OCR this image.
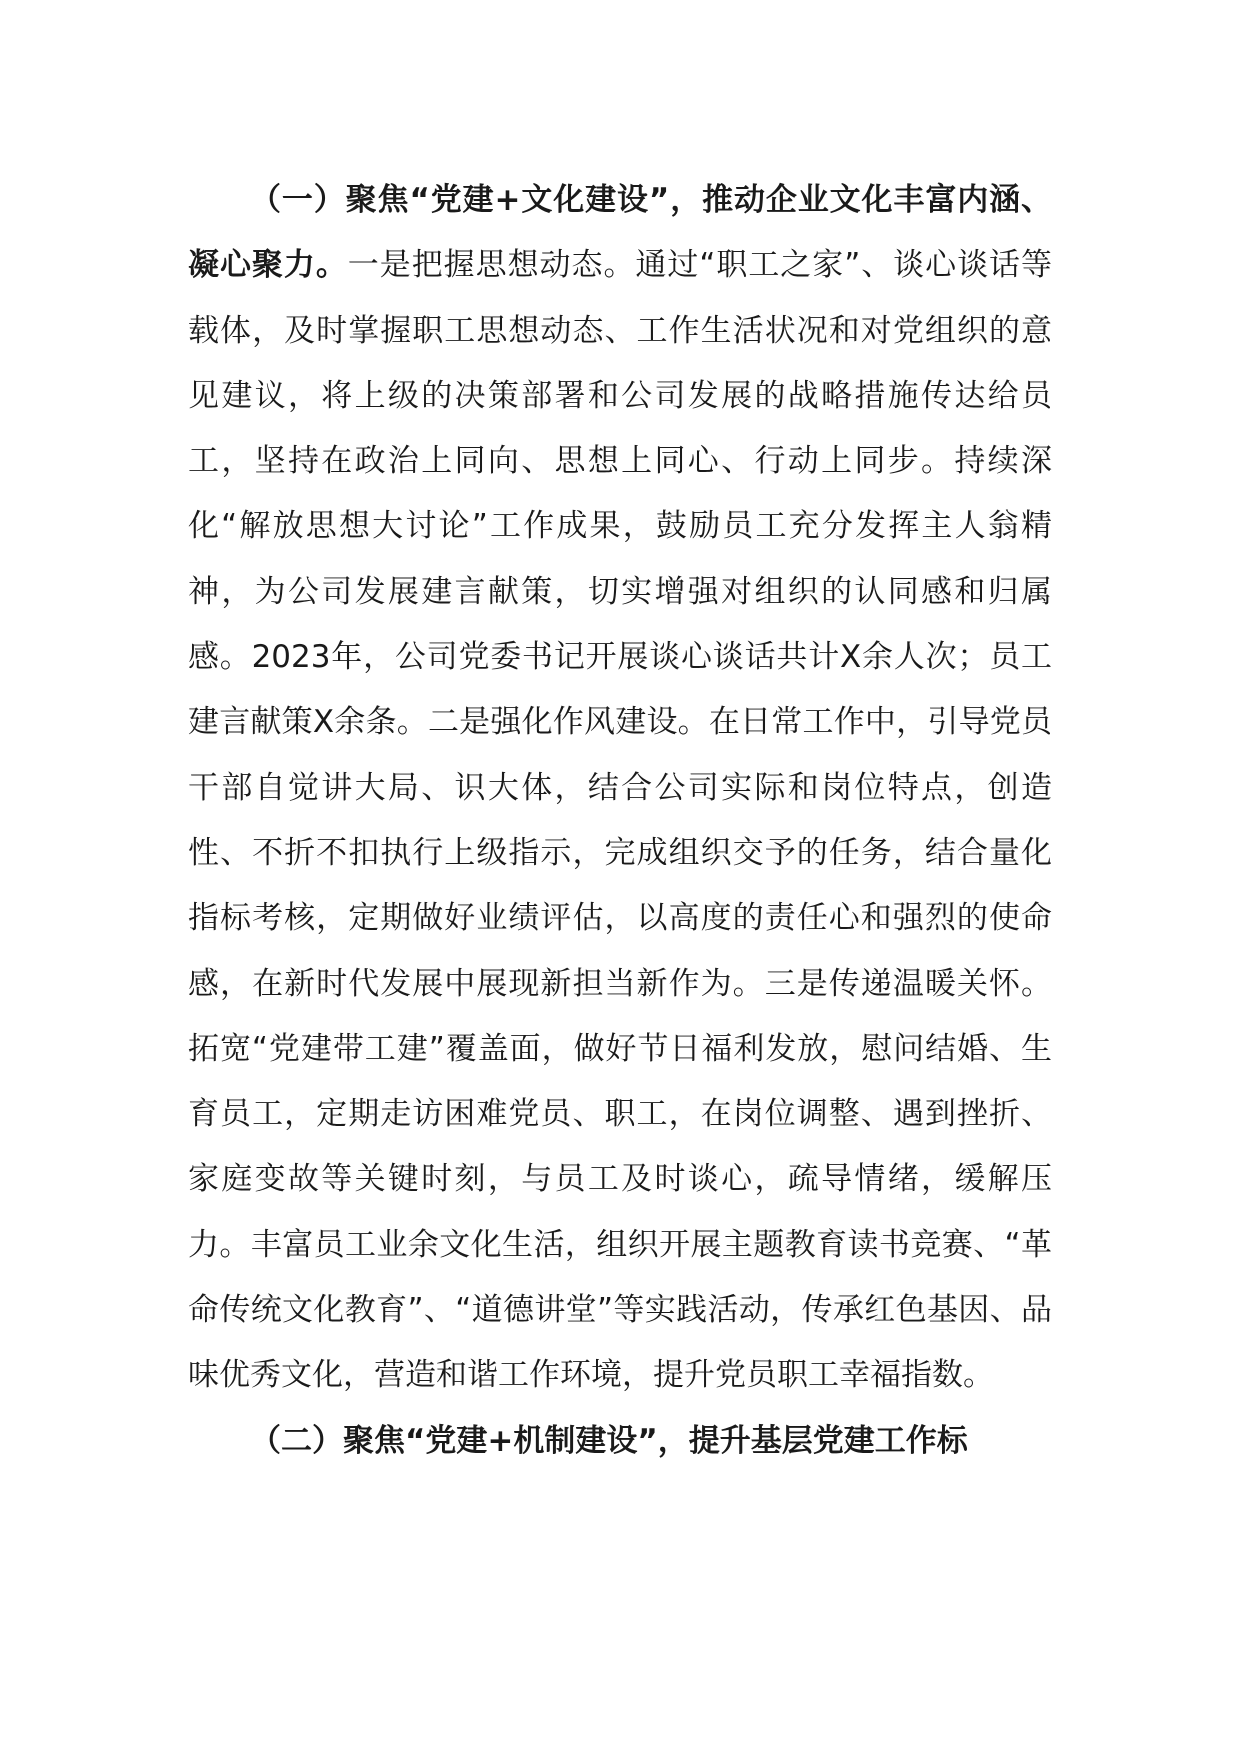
（一）聚焦“党建+文化建设”，推动企业文化丰富内涵、凝心聚力。一是把握思想动态。通过“职工之家”、谈心谈话等载体，及时掌握职工思想动态、工作生活状况和对党组织的意见建议，将上级的决策部署和公司发展的战略措施传达给员工，坚持在政治上同向、思想上同心、行动上同步。持续深化“解放思想大讨论”工作成果，鼓励员工充分发挥主人翁精神，为公司发展建言献策，切实增强对组织的认同感和归属感。2023年，公司党委书记开展谈心谈话共计X余人次；员工建言献策X余条。二是强化作风建设。在日常工作中，引导党员干部自觉讲大局、识大体，结合公司实际和岗位特点，创造性、不折不扣执行上级指示，完成组织交予的任务，结合量化指标考核，定期做好业绩评估，以高度的责任心和强烈的使命感，在新时代发展中展现新担当新作为。三是传递温暖关怀。拓宽“党建带工建”覆盖面，做好节日福利发放，慰问结婚、生育员工，定期走访困难党员、职工，在岗位调整、遇到挫折、家庭变故等关键时刻，与员工及时谈心，疏导情绪，缓解压力。丰富员工业余文化生活，组织开展主题教育读书竞赛、“革命传统文化教育”、“道德讲堂”等实践活动，传承红色基因、品味优秀文化，营造和谐工作环境，提升党员职工幸福指数。

（二）聚焦“党建+机制建设”，提升基层党建工作标
